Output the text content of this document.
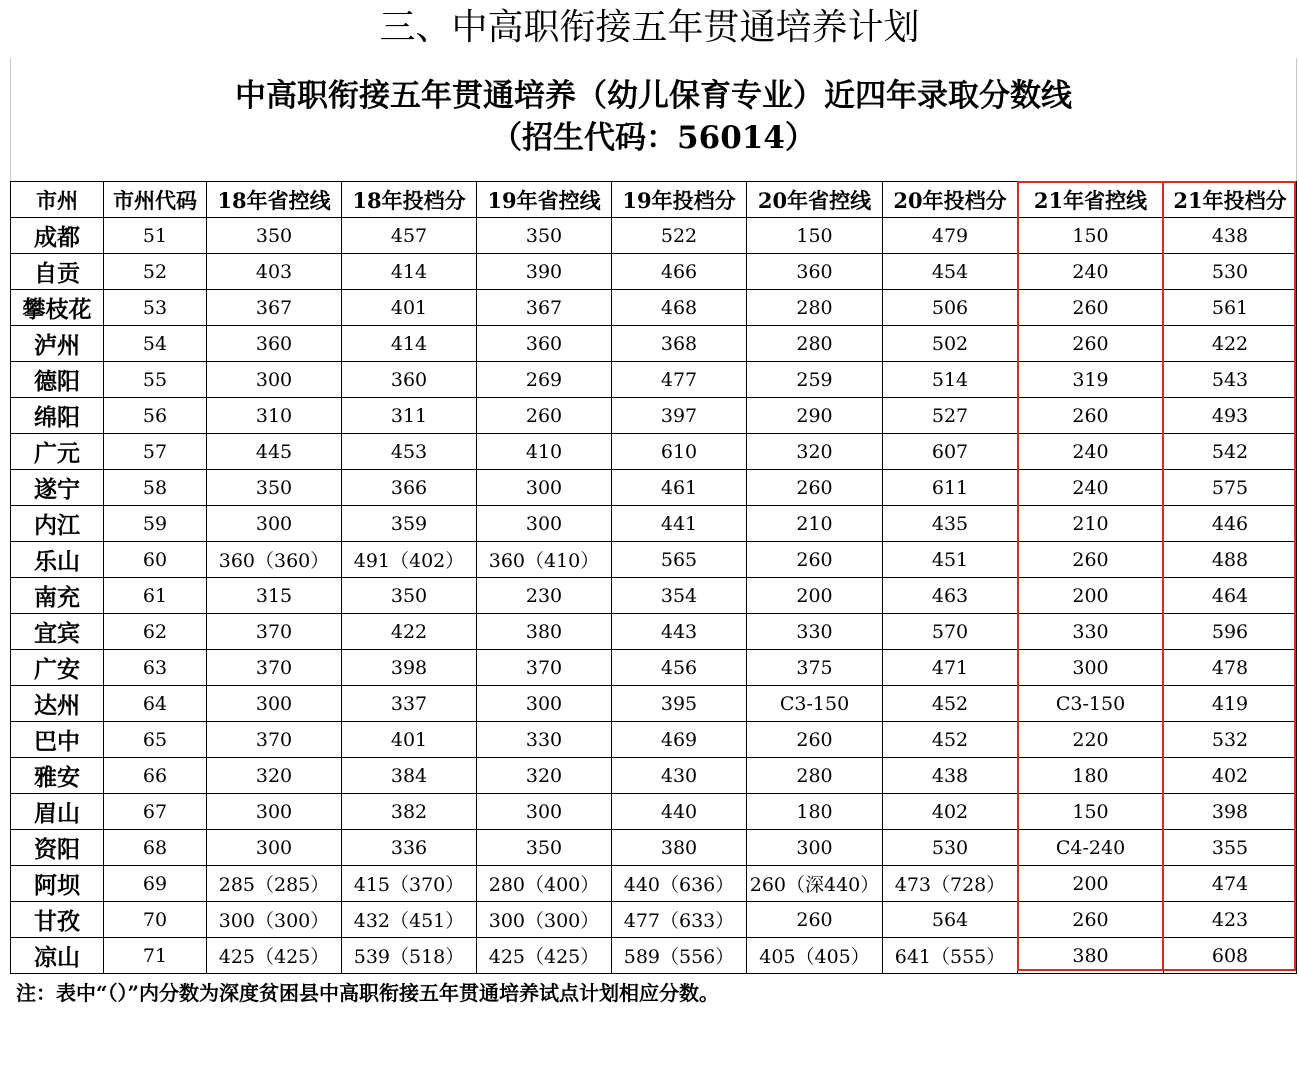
三、中高职衔接五年贯通培养计划
中高职衔接五年贯通培养（幼儿保育专业）近四年录取分数线
（招生代码：56014）
市州	市州代码	18年省控线	18年投档分	19年省控线	19年投档分	20年省控线	20年投档分	21年省控线	21年投档分
成都	51	350	457	350	522	150	479	150	438
自贡	52	403	414	390	466	360	454	240	530
攀枝花	53	367	401	367	468	280	506	260	561
泸州	54	360	414	360	368	280	502	260	422
德阳	55	300	360	269	477	259	514	319	543
绵阳	56	310	311	260	397	290	527	260	493
广元	57	445	453	410	610	320	607	240	542
遂宁	58	350	366	300	461	260	611	240	575
内江	59	300	359	300	441	210	435	210	446
乐山	60	360（360）	491（402）	360（410）	565	260	451	260	488
南充	61	315	350	230	354	200	463	200	464
宜宾	62	370	422	380	443	330	570	330	596
广安	63	370	398	370	456	375	471	300	478
达州	64	300	337	300	395	C3-150	452	C3-150	419
巴中	65	370	401	330	469	260	452	220	532
雅安	66	320	384	320	430	280	438	180	402
眉山	67	300	382	300	440	180	402	150	398
资阳	68	300	336	350	380	300	530	C4-240	355
阿坝	69	285（285）	415（370）	280（400）	440（636）	260（深440）	473（728）	200	474
甘孜	70	300（300）	432（451）	300（300）	477（633）	260	564	260	423
凉山	71	425（425）	539（518）	425（425）	589（556）	405（405）	641（555）	380	608
注：表中“（）”内分数为深度贫困县中高职衔接五年贯通培养试点计划相应分数。
